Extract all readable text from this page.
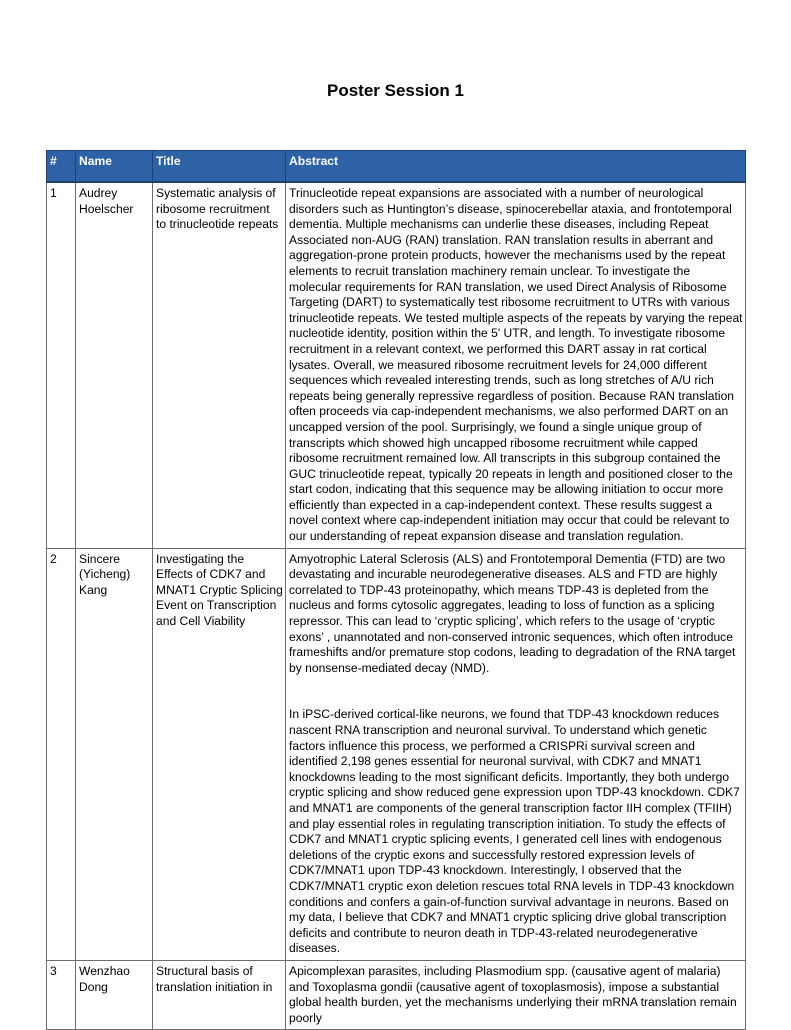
Poster Session 1
#	Name	Title	Abstract
1	Audrey Hoelscher	Systematic analysis of ribosome recruitment to trinucleotide repeats	Trinucleotide repeat expansions are associated with a number of neurological disorders such as Huntington’s disease, spinocerebellar ataxia, and frontotemporal dementia. Multiple mechanisms can underlie these diseases, including Repeat Associated non-AUG (RAN) translation. RAN translation results in aberrant and aggregation-prone protein products, however the mechanisms used by the repeat elements to recruit translation machinery remain unclear. To investigate the molecular requirements for RAN translation, we used Direct Analysis of Ribosome Targeting (DART) to systematically test ribosome recruitment to UTRs with various trinucleotide repeats. We tested multiple aspects of the repeats by varying the repeat nucleotide identity, position within the 5' UTR, and length. To investigate ribosome recruitment in a relevant context, we performed this DART assay in rat cortical lysates. Overall, we measured ribosome recruitment levels for 24,000 different sequences which revealed interesting trends, such as long stretches of A/U rich repeats being generally repressive regardless of position. Because RAN translation often proceeds via cap-independent mechanisms, we also performed DART on an uncapped version of the pool. Surprisingly, we found a single unique group of transcripts which showed high uncapped ribosome recruitment while capped ribosome recruitment remained low. All transcripts in this subgroup contained the GUC trinucleotide repeat, typically 20 repeats in length and positioned closer to the start codon, indicating that this sequence may be allowing initiation to occur more efficiently than expected in a cap-independent context. These results suggest a novel context where cap-independent initiation may occur that could be relevant to our understanding of repeat expansion disease and translation regulation.

2	Sincere (Yicheng) Kang	Investigating the Effects of CDK7 and MNAT1 Cryptic Splicing Event on Transcription and Cell Viability	Amyotrophic Lateral Sclerosis (ALS) and Frontotemporal Dementia (FTD) are two devastating and incurable neurodegenerative diseases. ALS and FTD are highly correlated to TDP-43 proteinopathy, which means TDP-43 is depleted from the nucleus and forms cytosolic aggregates, leading to loss of function as a splicing repressor. This can lead to ‘cryptic splicing’, which refers to the usage of ‘cryptic exons’ , unannotated and non-conserved intronic sequences, which often introduce frameshifts and/or premature stop codons, leading to degradation of the RNA target by nonsense-mediated decay (NMD).

In iPSC-derived cortical-like neurons, we found that TDP-43 knockdown reduces nascent RNA transcription and neuronal survival. To understand which genetic factors influence this process, we performed a CRISPRi survival screen and identified 2,198 genes essential for neuronal survival, with CDK7 and MNAT1 knockdowns leading to the most significant deficits. Importantly, they both undergo cryptic splicing and show reduced gene expression upon TDP-43 knockdown. CDK7 and MNAT1 are components of the general transcription factor IIH complex (TFIIH) and play essential roles in regulating transcription initiation. To study the effects of CDK7 and MNAT1 cryptic splicing events, I generated cell lines with endogenous deletions of the cryptic exons and successfully restored expression levels of CDK7/MNAT1 upon TDP-43 knockdown. Interestingly, I observed that the CDK7/MNAT1 cryptic exon deletion rescues total RNA levels in TDP-43 knockdown conditions and confers a gain-of-function survival advantage in neurons. Based on my data, I believe that CDK7 and MNAT1 cryptic splicing drive global transcription deficits and contribute to neuron death in TDP-43-related neurodegenerative diseases.

3	Wenzhao Dong	Structural basis of translation initiation in	Apicomplexan parasites, including Plasmodium spp. (causative agent of malaria) and Toxoplasma gondii (causative agent of toxoplasmosis), impose a substantial global health burden, yet the mechanisms underlying their mRNA translation remain poorly
